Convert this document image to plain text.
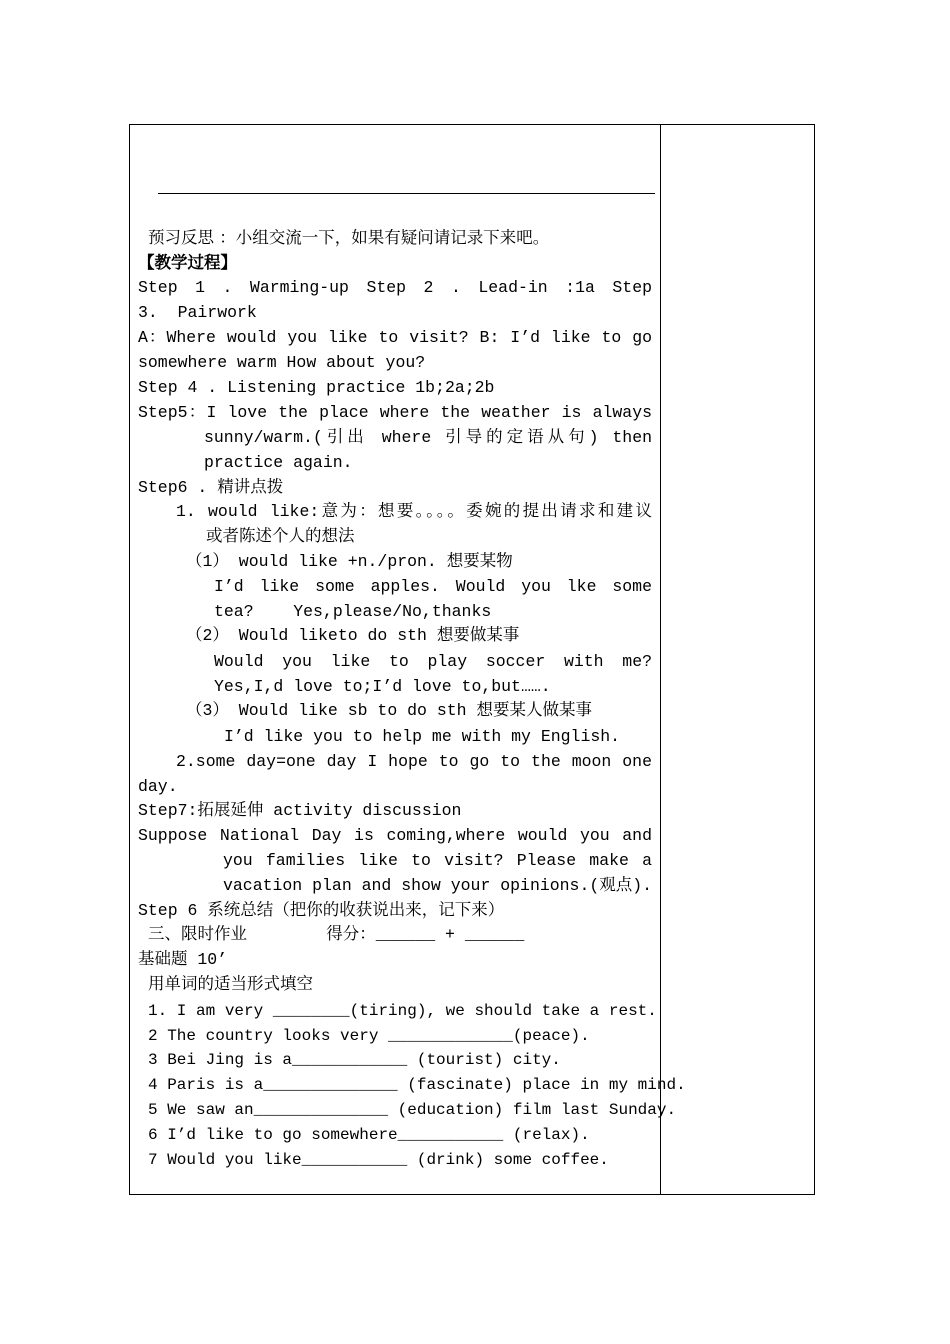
预习反思 ：小组交流一下，如果有疑问请记录下来吧。
【教学过程】
Step 1 . Warming-up Step 2 . Lead-in :1a Step
3.  Pairwork
A：Where would you like to visit? B: I’d like to go
somewhere warm How about you?
Step 4 . Listening practice 1b;2a;2b
Step5：I love the place where the weather is always
sunny/warm.(引出 where 引导的定语从句) then
practice again.
Step6 . 精讲点拨
1. would like:意为：想要。。。。委婉的提出请求和建议
或者陈述个人的想法
（1） would like +n./pron. 想要某物
I’d like some apples. Would you lke some
tea?    Yes,please/No,thanks
（2） Would liketo do sth 想要做某事
Would you like to play soccer with me?
Yes,I,d love to;I’d love to,but…….
（3） Would like sb to do sth 想要某人做某事
I’d like you to help me with my English.
2.some day=one day I hope to go to the moon one
day.
Step7:拓展延伸 activity discussion
Suppose National Day is coming,where would you and
you families like to visit? Please make a
vacation plan and show your opinions.(观点).
Step 6 系统总结（把你的收获说出来，记下来）
三、限时作业        得分：______ + ______
基础题 10’
用单词的适当形式填空
1. I am very ________(tiring), we should take a rest.
2 The country looks very _____________(peace).
3 Bei Jing is a____________ (tourist) city.
4 Paris is a______________ (fascinate) place in my mind.
5 We saw an______________ (education) film last Sunday.
6 I’d like to go somewhere___________ (relax).
7 Would you like___________ (drink) some coffee.
